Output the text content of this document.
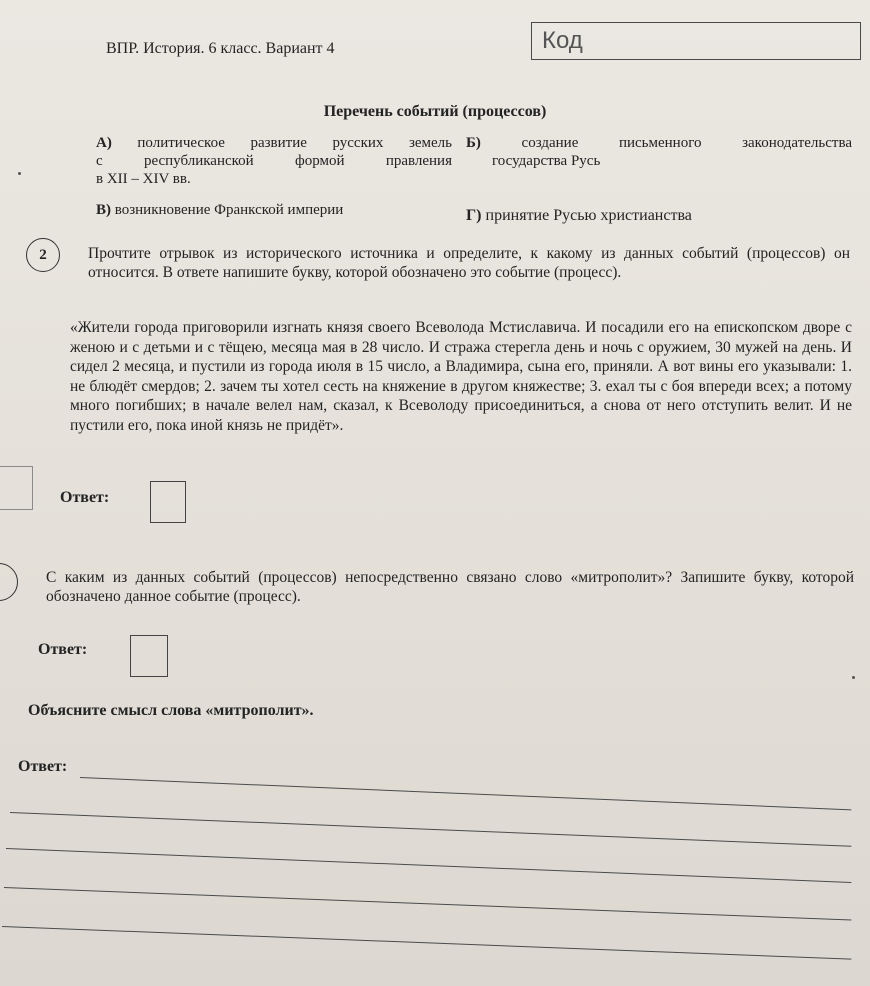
ВПР. История. 6 класс. Вариант 4	Код
Перечень событий (процессов)
А) политическое развитие русских земель
с республиканской формой правления
в XII – XIV вв.
Б)	создание письменного законодательства
государства Русь
В) возникновение Франкской империи	Г) принятие Русью христианства
2	Прочтите отрывок из исторического источника и определите, к какому из данных событий (процессов) он относится. В ответе напишите букву, которой обозначено это событие (процесс).
«Жители города приговорили изгнать князя своего Всеволода Мстиславича. И посадили его на епископском дворе с женою и с детьми и с тёщею, месяца мая в 28 число. И стража стерегла день и ночь с оружием, 30 мужей на день. И сидел 2 месяца, и пустили из города июля в 15 число, а Владимира, сына его, приняли. А вот вины его указывали: 1. не блюдёт смердов; 2. зачем ты хотел сесть на княжение в другом княжестве; 3. ехал ты с боя впереди всех; а потому много погибших; в начале велел нам, сказал, к Всеволоду присоединиться, а снова от него отступить велит. И не пустили его, пока иной князь не придёт».
Ответ:
С каким из данных событий (процессов) непосредственно связано слово «митрополит»? Запишите букву, которой обозначено данное событие (процесс).
Ответ:
Объясните смысл слова «митрополит».
Ответ:
